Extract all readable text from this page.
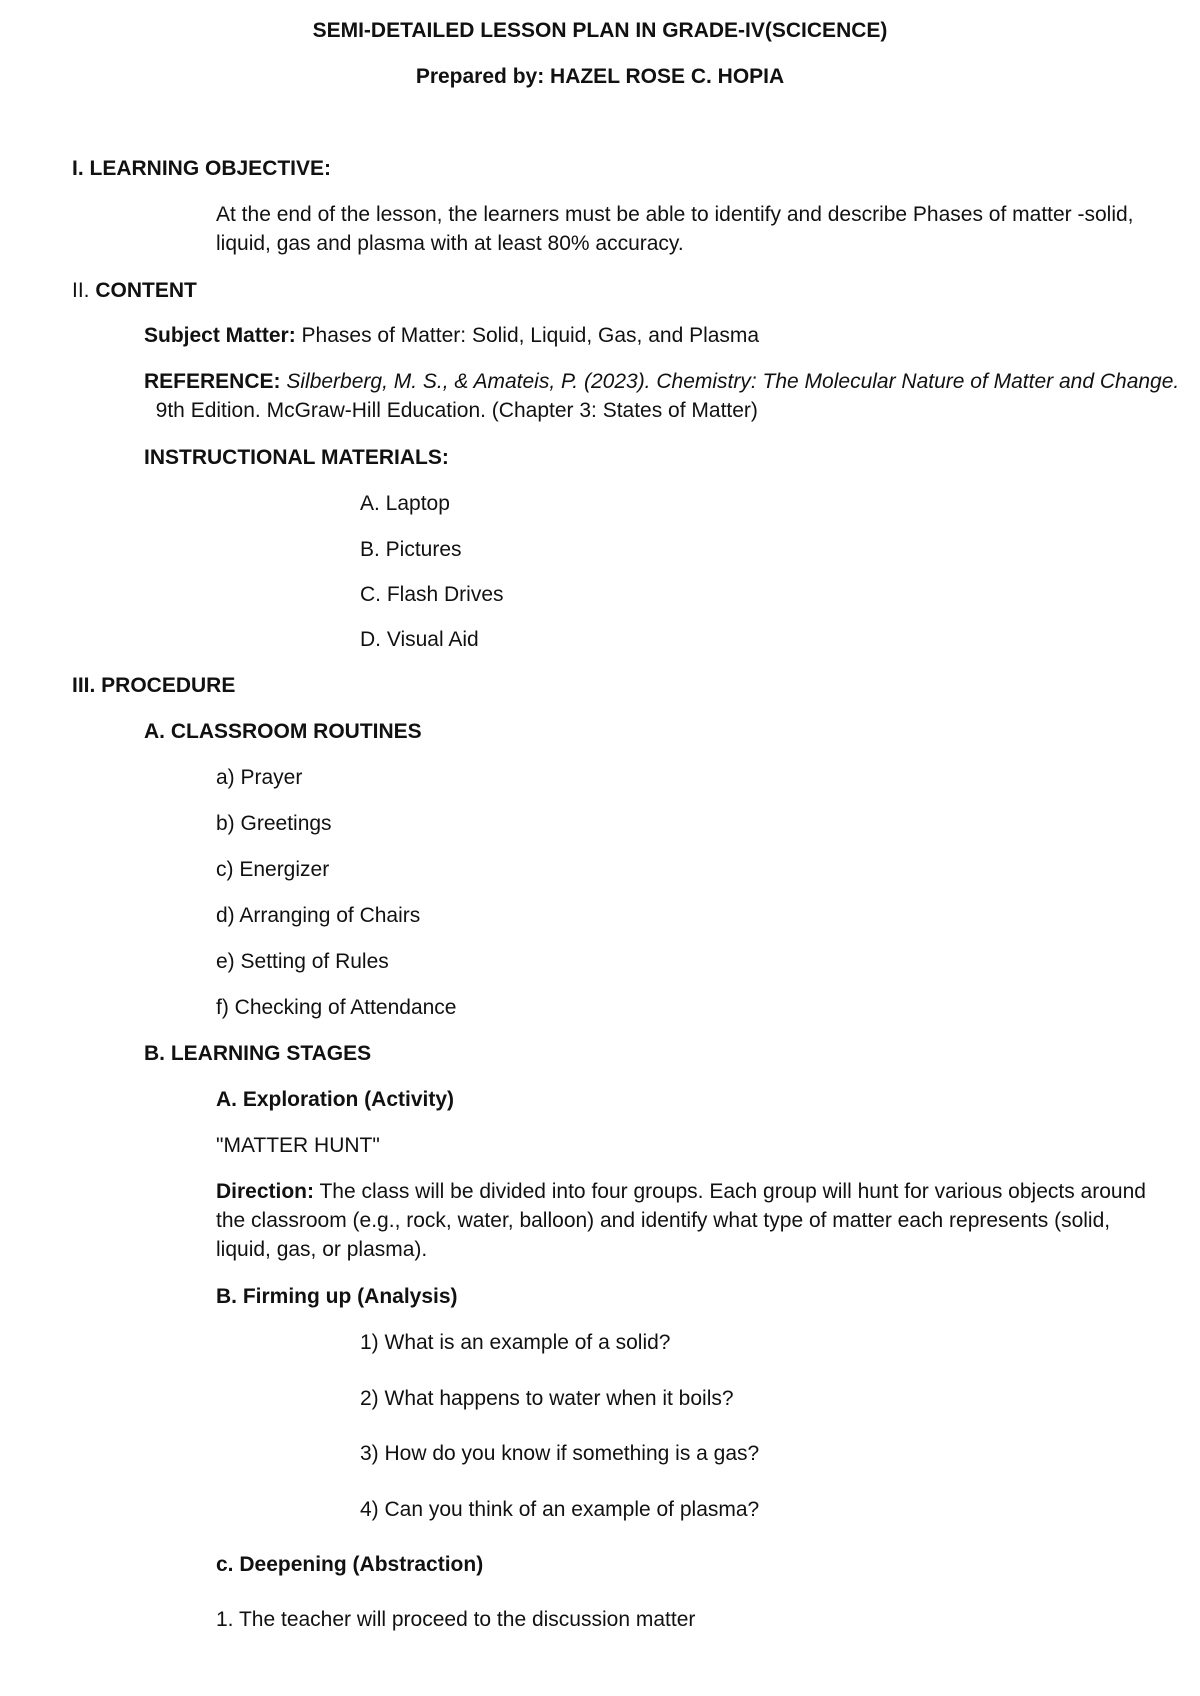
SEMI-DETAILED LESSON PLAN IN GRADE-IV(SCICENCE)
Prepared by: HAZEL ROSE C. HOPIA
I. LEARNING OBJECTIVE:
At the end of the lesson, the learners must be able to identify and describe Phases of matter -solid, liquid, gas and plasma with at least 80% accuracy.
II. CONTENT
Subject Matter: Phases of Matter: Solid, Liquid, Gas, and Plasma
REFERENCE: Silberberg, M. S., & Amateis, P. (2023). Chemistry: The Molecular Nature of Matter and Change.   9th Edition. McGraw-Hill Education. (Chapter 3: States of Matter)
INSTRUCTIONAL MATERIALS:
A. Laptop
B. Pictures
C. Flash Drives
D. Visual Aid
III. PROCEDURE
A. CLASSROOM ROUTINES
a) Prayer
b) Greetings
c) Energizer
d) Arranging of Chairs
e) Setting of Rules
f) Checking of Attendance
B. LEARNING STAGES
A. Exploration (Activity)
"MATTER HUNT"
Direction: The class will be divided into four groups. Each group will hunt for various objects around the classroom (e.g., rock, water, balloon) and identify what type of matter each represents (solid, liquid, gas, or plasma).
B. Firming up (Analysis)
1) What is an example of a solid?
2) What happens to water when it boils?
3) How do you know if something is a gas?
4) Can you think of an example of plasma?
c. Deepening (Abstraction)
1. The teacher will proceed to the discussion matter
